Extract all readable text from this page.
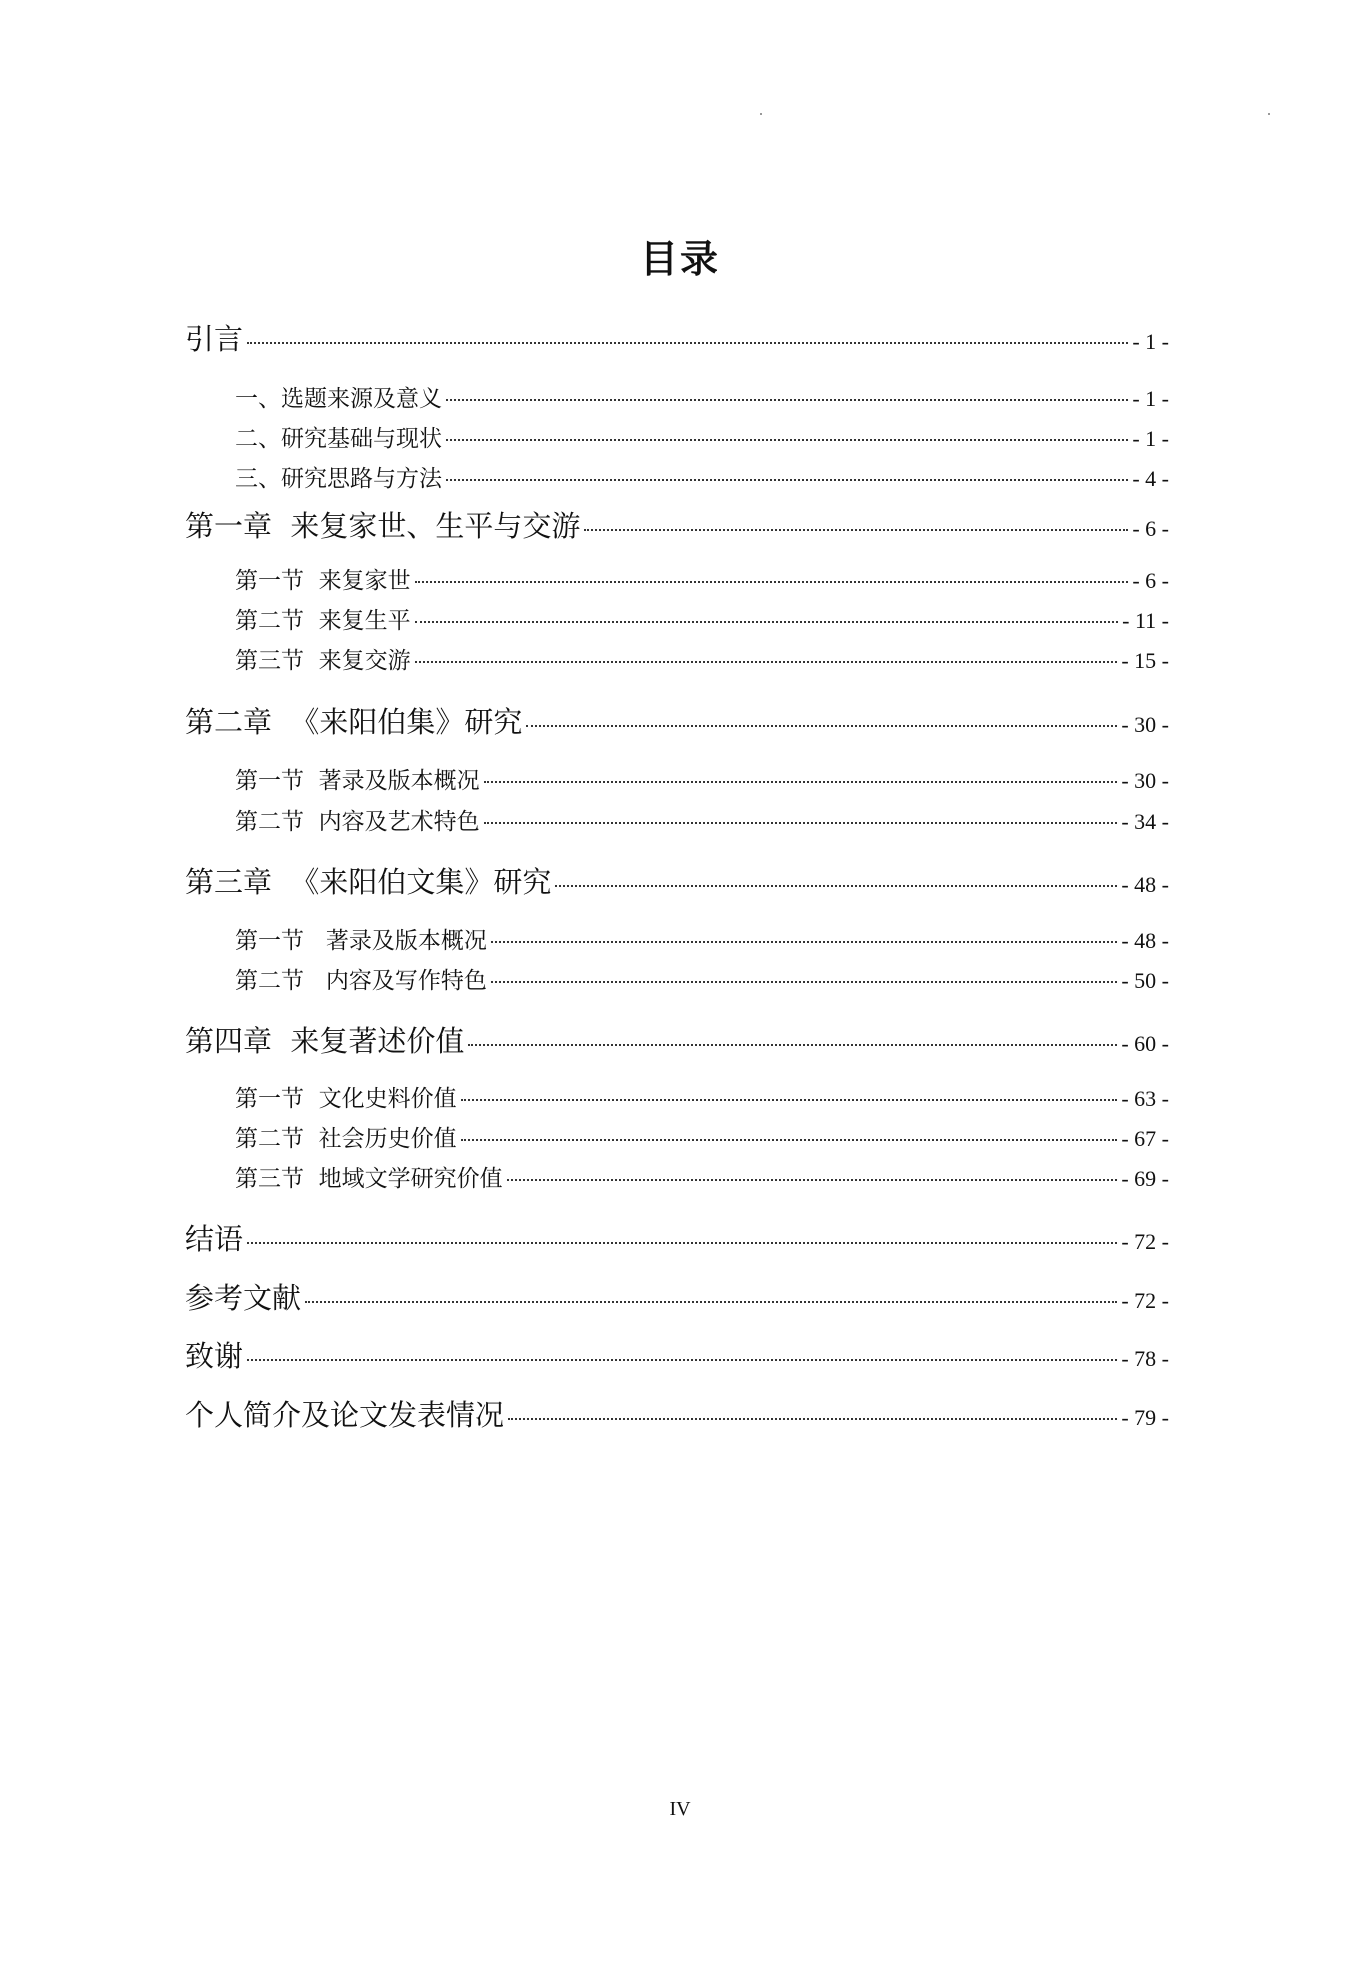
目录
引言	- 1 -
一、选题来源及意义	- 1 -
二、研究基础与现状	- 1 -
三、研究思路与方法	- 4 -
第一章  来复家世、生平与交游	- 6 -
第一节  来复家世	- 6 -
第二节  来复生平	- 11 -
第三节  来复交游	- 15 -
第二章  《来阳伯集》研究	- 30 -
第一节  著录及版本概况	- 30 -
第二节  内容及艺术特色	- 34 -
第三章  《来阳伯文集》研究	- 48 -
第一节   著录及版本概况	- 48 -
第二节   内容及写作特色	- 50 -
第四章  来复著述价值	- 60 -
第一节  文化史料价值	- 63 -
第二节  社会历史价值	- 67 -
第三节  地域文学研究价值	- 69 -
结语	- 72 -
参考文献	- 72 -
致谢	- 78 -
个人简介及论文发表情况	- 79 -
IV
